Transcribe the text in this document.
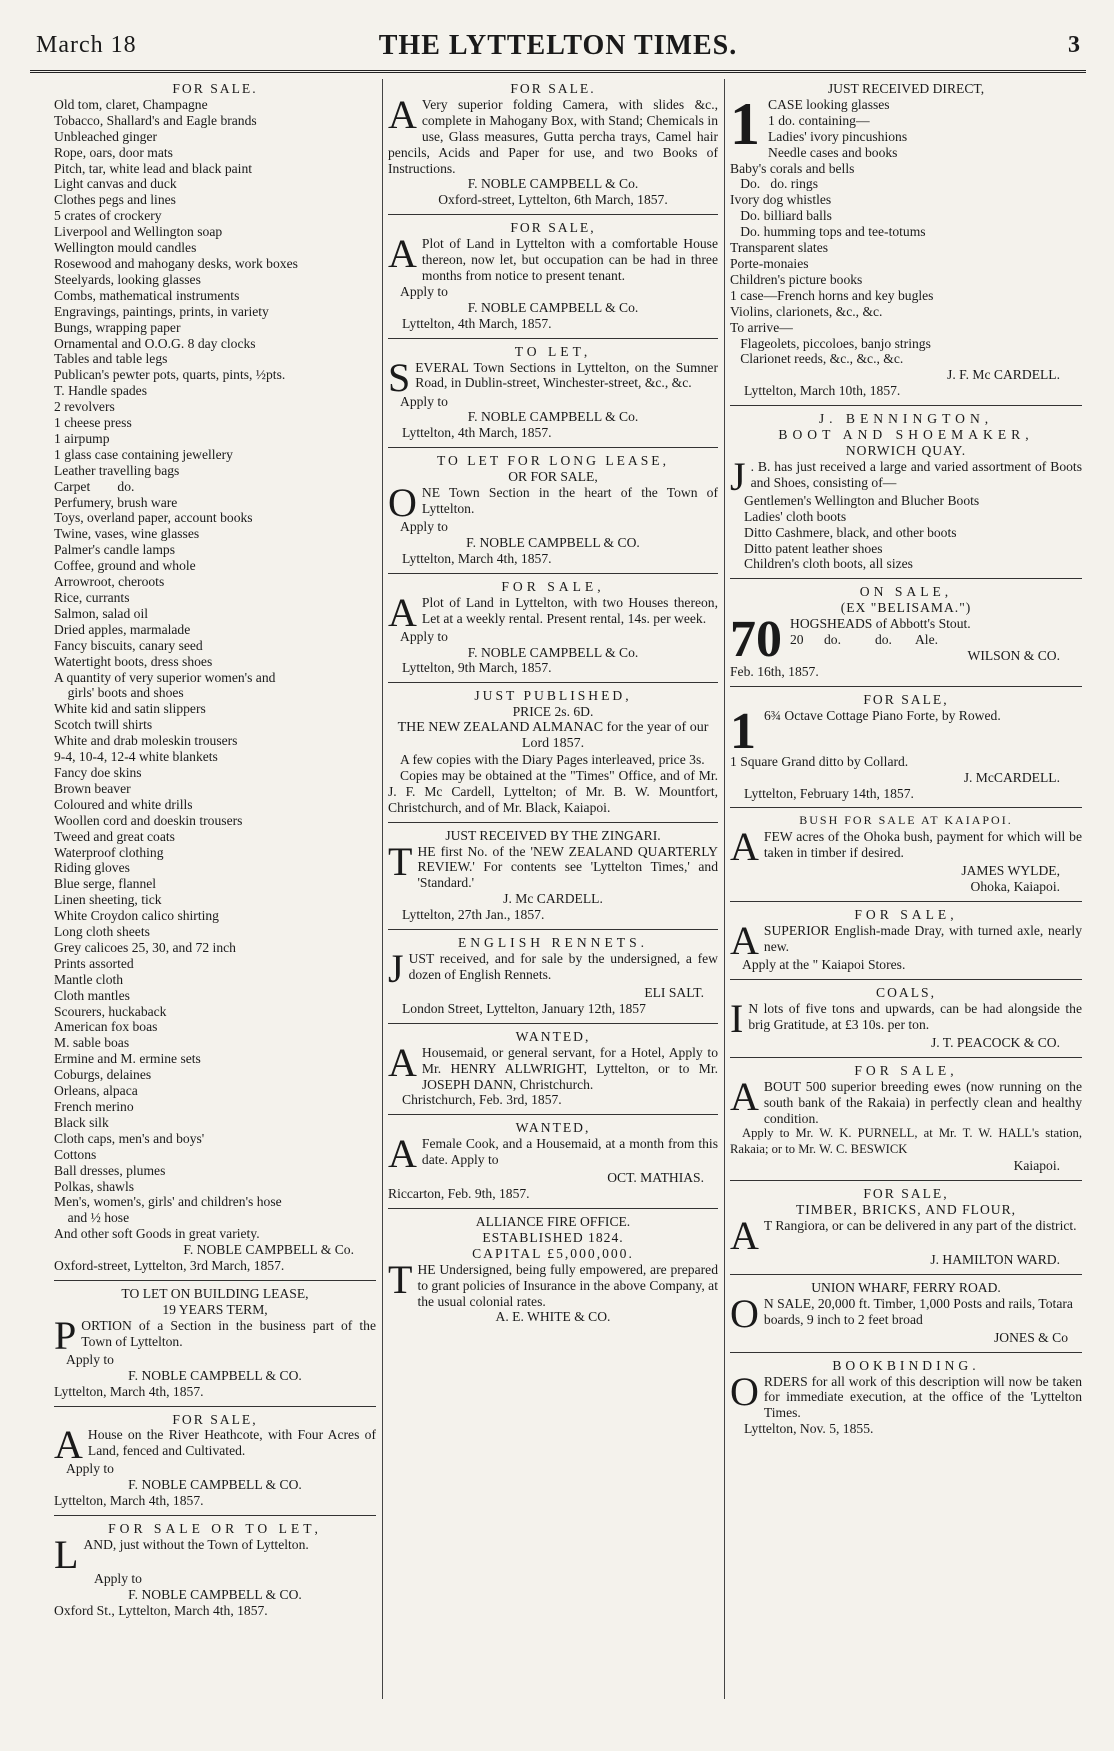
March 18	THE LYTTELTON TIMES.	3
FOR SALE.
Old tom, claret, Champagne
Tobacco, Shallard's and Eagle brands
Unbleached ginger
Rope, oars, door mats
Pitch, tar, white lead and black paint
Light canvas and duck
Clothes pegs and lines
5 crates of crockery
Liverpool and Wellington soap
Wellington mould candles
Rosewood and mahogany desks, work boxes
Steelyards, looking glasses
Combs, mathematical instruments
Engravings, paintings, prints, in variety
Bungs, wrapping paper
Ornamental and O.O.G. 8 day clocks
Tables and table legs
Publican's pewter pots, quarts, pints, ½pts.
T. Handle spades
2 revolvers
1 cheese press
1 airpump
1 glass case containing jewellery
Leather travelling bags
Carpet        do.
Perfumery, brush ware
Toys, overland paper, account books
Twine, vases, wine glasses
Palmer's candle lamps
Coffee, ground and whole
Arrowroot, cheroots
Rice, currants
Salmon, salad oil
Dried apples, marmalade
Fancy biscuits, canary seed
Watertight boots, dress shoes
A quantity of very superior women's and
girls' boots and shoes
White kid and satin slippers
Scotch twill shirts
White and drab moleskin trousers
9-4, 10-4, 12-4 white blankets
Fancy doe skins
Brown beaver
Coloured and white drills
Woollen cord and doeskin trousers
Tweed and great coats
Waterproof clothing
Riding gloves
Blue serge, flannel
Linen sheeting, tick
White Croydon calico shirting
Long cloth sheets
Grey calicoes 25, 30, and 72 inch
Prints assorted
Mantle cloth
Cloth mantles
Scourers, huckaback
American fox boas
M. sable boas
Ermine and M. ermine sets
Coburgs, delaines
Orleans, alpaca
French merino
Black silk
Cloth caps, men's and boys'
Cottons
Ball dresses, plumes
Polkas, shawls
Men's, women's, girls' and children's hose
and ½ hose
And other soft Goods in great variety.
F. NOBLE CAMPBELL & Co.
Oxford-street, Lyttelton, 3rd March, 1857.
TO LET ON BUILDING LEASE,
19 YEARS TERM,
PORTION of a Section in the business part of the Town of Lyttelton.
Apply to
F. NOBLE CAMPBELL & CO.
Lyttelton, March 4th, 1857.
FOR SALE,
A House on the River Heathcote, with Four Acres of Land, fenced and Cultivated.
Apply to
F. NOBLE CAMPBELL & CO.
Lyttelton, March 4th, 1857.
FOR SALE OR TO LET,
LAND, just without the Town of Lyttelton.
Apply to
F. NOBLE CAMPBELL & CO.
Oxford St., Lyttelton, March 4th, 1857.
FOR SALE.
A Very superior folding Camera, with slides &c., complete in Mahogany Box, with Stand; Chemicals in use, Glass measures, Gutta percha trays, Camel hair pencils, Acids and Paper for use, and two Books of Instructions.
F. NOBLE CAMPBELL & Co.
Oxford-street, Lyttelton, 6th March, 1857.
FOR SALE,
A Plot of Land in Lyttelton with a comfortable House thereon, now let, but occupation can be had in three months from notice to present tenant.
Apply to
F. NOBLE CAMPBELL & Co.
Lyttelton, 4th March, 1857.
TO LET,
SEVERAL Town Sections in Lyttelton, on the Sumner Road, in Dublin-street, Winchester-street, &c., &c.
Apply to
F. NOBLE CAMPBELL & Co.
Lyttelton, 4th March, 1857.
TO LET FOR LONG LEASE,
OR FOR SALE,
ONE Town Section in the heart of the Town of Lyttelton.
Apply to
F. NOBLE CAMPBELL & CO.
Lyttelton, March 4th, 1857.
FOR SALE,
A Plot of Land in Lyttelton, with two Houses thereon, Let at a weekly rental. Present rental, 14s. per week.
Apply to
F. NOBLE CAMPBELL & Co.
Lyttelton, 9th March, 1857.
JUST PUBLISHED,
PRICE 2s. 6D.
THE NEW ZEALAND ALMANAC for the year of our Lord 1857.
A few copies with the Diary Pages interleaved, price 3s.
Copies may be obtained at the "Times" Office, and of Mr. J. F. Mc Cardell, Lyttelton; of Mr. B. W. Mountfort, Christchurch, and of Mr. Black, Kaiapoi.
JUST RECEIVED BY THE ZINGARI.
THE first No. of the 'NEW ZEALAND QUARTERLY REVIEW.' For contents see 'Lyttelton Times,' and 'Standard.'
J. Mc CARDELL.
Lyttelton, 27th Jan., 1857.
ENGLISH RENNETS.
JUST received, and for sale by the undersigned, a few dozen of English Rennets.
ELI SALT.
London Street, Lyttelton, January 12th, 1857
WANTED,
A Housemaid, or general servant, for a Hotel, Apply to Mr. HENRY ALLWRIGHT, Lyttelton, or to Mr. JOSEPH DANN, Christchurch.
Christchurch, Feb. 3rd, 1857.
WANTED,
A Female Cook, and a Housemaid, at a month from this date. Apply to
OCT. MATHIAS.
Riccarton, Feb. 9th, 1857.
ALLIANCE FIRE OFFICE.
ESTABLISHED 1824.
CAPITAL £5,000,000.
THE Undersigned, being fully empowered, are prepared to grant policies of Insurance in the above Company, at the usual colonial rates.
A. E. WHITE & CO.
JUST RECEIVED DIRECT,
1 CASE looking glasses
1 do. containing—
Ladies' ivory pincushions
Needle cases and books
Baby's corals and bells
Do.   do. rings
Ivory dog whistles
Do. billiard balls
Do. humming tops and tee-totums
Transparent slates
Porte-monaies
Children's picture books
1 case—French horns and key bugles
Violins, clarionets, &c., &c.
To arrive—
Flageolets, piccoloes, banjo strings
Clarionet reeds, &c., &c., &c.
J. F. Mc CARDELL.
Lyttelton, March 10th, 1857.
J. BENNINGTON,
BOOT AND SHOEMAKER,
NORWICH QUAY.
J . B. has just received a large and varied assortment of Boots and Shoes, consisting of—
Gentlemen's Wellington and Blucher Boots
Ladies' cloth boots
Ditto Cashmere, black, and other boots
Ditto patent leather shoes
Children's cloth boots, all sizes
ON SALE,
(EX "BELISAMA.")
70 HOGSHEADS of Abbott's Stout.
20      do.          do.       Ale.
WILSON & CO.
Feb. 16th, 1857.
FOR SALE,
1 6¾ Octave Cottage Piano Forte, by Rowed.
1 Square Grand ditto by Collard.
J. McCARDELL.
Lyttelton, February 14th, 1857.
BUSH FOR SALE AT KAIAPOI.
AFEW acres of the Ohoka bush, payment for which will be taken in timber if desired.
JAMES WYLDE,
Ohoka, Kaiapoi.
FOR SALE,
ASUPERIOR English-made Dray, with turned axle, nearly new.
Apply at the " Kaiapoi Stores.
COALS,
I N lots of five tons and upwards, can be had alongside the brig Gratitude, at £3 10s. per ton.
J. T. PEACOCK & CO.
FOR SALE,
ABOUT 500 superior breeding ewes (now running on the south bank of the Rakaia) in perfectly clean and healthy condition.
Apply to Mr. W. K. PURNELL, at Mr. T. W. HALL's station, Rakaia; or to Mr. W. C. BESWICK
Kaiapoi.
FOR SALE,
TIMBER, BRICKS, AND FLOUR,
A T Rangiora, or can be delivered in any part of the district.
J. HAMILTON WARD.
UNION WHARF, FERRY ROAD.
O N SALE, 20,000 ft. Timber, 1,000 Posts and rails, Totara boards, 9 inch to 2 feet broad
JONES & Co
BOOKBINDING.
ORDERS for all work of this description will now be taken for immediate execution, at the office of the 'Lyttelton Times.
Lyttelton, Nov. 5, 1855.
